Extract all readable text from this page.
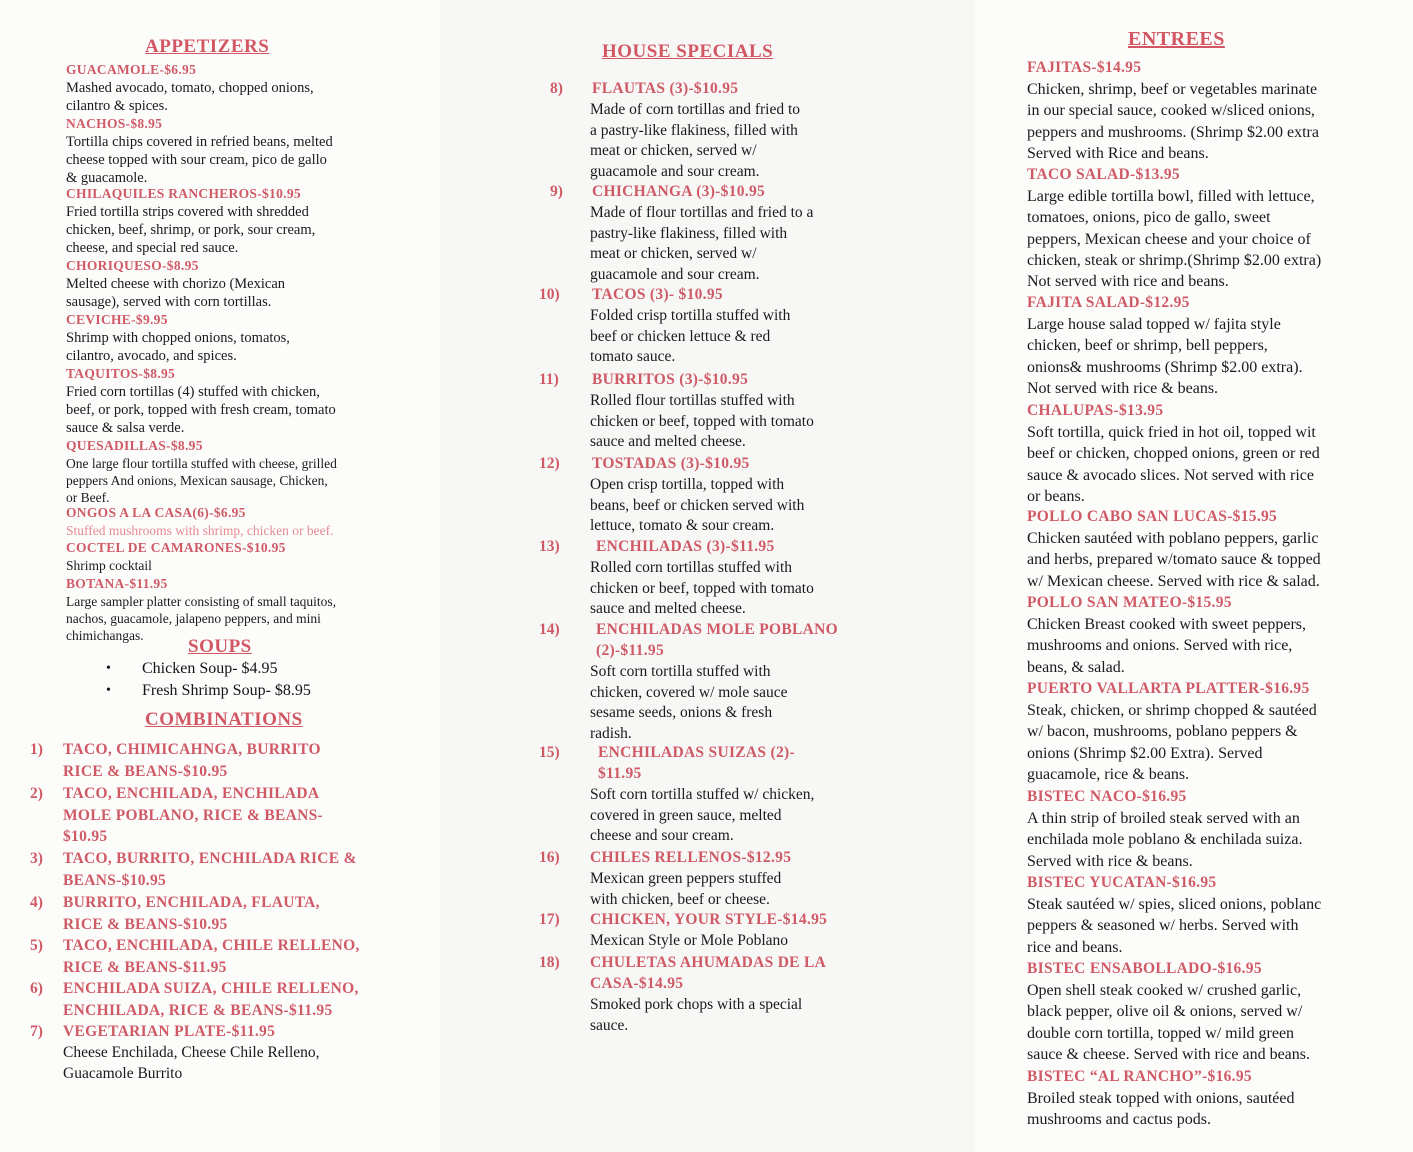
APPETIZERS
GUACAMOLE-$6.95
Mashed avocado, tomato, chopped onions,
cilantro & spices.
NACHOS-$8.95
Tortilla chips covered in refried beans, melted
cheese topped with sour cream, pico de gallo
& guacamole.
CHILAQUILES RANCHEROS-$10.95
Fried tortilla strips covered with shredded
chicken, beef, shrimp, or pork, sour cream,
cheese, and special red sauce.
CHORIQUESO-$8.95
Melted cheese with chorizo (Mexican
sausage), served with corn tortillas.
CEVICHE-$9.95
Shrimp with chopped onions, tomatos,
cilantro, avocado, and spices.
TAQUITOS-$8.95
Fried corn tortillas (4) stuffed with chicken,
beef, or pork, topped with fresh cream, tomato
sauce & salsa verde.
QUESADILLAS-$8.95
One large flour tortilla stuffed with cheese, grilled
peppers And onions, Mexican sausage, Chicken,
or Beef.
ONGOS A LA CASA(6)-$6.95
Stuffed mushrooms with shrimp, chicken or beef.
COCTEL DE CAMARONES-$10.95
Shrimp cocktail
BOTANA-$11.95
Large sampler platter consisting of small taquitos,
nachos, guacamole, jalapeno peppers, and mini
chimichangas.
SOUPS
• Chicken Soup- $4.95
• Fresh Shrimp Soup- $8.95
COMBINATIONS
1) TACO, CHIMICAHNGA, BURRITO
RICE & BEANS-$10.95
2) TACO, ENCHILADA, ENCHILADA
MOLE POBLANO, RICE & BEANS-
$10.95
3) TACO, BURRITO, ENCHILADA RICE &
BEANS-$10.95
4) BURRITO, ENCHILADA, FLAUTA,
RICE & BEANS-$10.95
5) TACO, ENCHILADA, CHILE RELLENO,
RICE & BEANS-$11.95
6) ENCHILADA SUIZA, CHILE RELLENO,
ENCHILADA, RICE & BEANS-$11.95
7) VEGETARIAN PLATE-$11.95
Cheese Enchilada, Cheese Chile Relleno,
Guacamole Burrito
HOUSE SPECIALS
8) FLAUTAS (3)-$10.95
Made of corn tortillas and fried to
a pastry-like flakiness, filled with
meat or chicken, served w/
guacamole and sour cream.
9) CHICHANGA (3)-$10.95
Made of flour tortillas and fried to a
pastry-like flakiness, filled with
meat or chicken, served w/
guacamole and sour cream.
10) TACOS (3)- $10.95
Folded crisp tortilla stuffed with
beef or chicken lettuce & red
tomato sauce.
11) BURRITOS (3)-$10.95
Rolled flour tortillas stuffed with
chicken or beef, topped with tomato
sauce and melted cheese.
12) TOSTADAS (3)-$10.95
Open crisp tortilla, topped with
beans, beef or chicken served with
lettuce, tomato & sour cream.
13) ENCHILADAS (3)-$11.95
Rolled corn tortillas stuffed with
chicken or beef, topped with tomato
sauce and melted cheese.
14) ENCHILADAS MOLE POBLANO
(2)-$11.95
Soft corn tortilla stuffed with
chicken, covered w/ mole sauce
sesame seeds, onions & fresh
radish.
15) ENCHILADAS SUIZAS (2)-
$11.95
Soft corn tortilla stuffed w/ chicken,
covered in green sauce, melted
cheese and sour cream.
16) CHILES RELLENOS-$12.95
Mexican green peppers stuffed
with chicken, beef or cheese.
17) CHICKEN, YOUR STYLE-$14.95
Mexican Style or Mole Poblano
18) CHULETAS AHUMADAS DE LA
CASA-$14.95
Smoked pork chops with a special
sauce.
ENTREES
FAJITAS-$14.95
Chicken, shrimp, beef or vegetables marinate
in our special sauce, cooked w/sliced onions,
peppers and mushrooms. (Shrimp $2.00 extra
Served with Rice and beans.
TACO SALAD-$13.95
Large edible tortilla bowl, filled with lettuce,
tomatoes, onions, pico de gallo, sweet
peppers, Mexican cheese and your choice of
chicken, steak or shrimp.(Shrimp $2.00 extra)
Not served with rice and beans.
FAJITA SALAD-$12.95
Large house salad topped w/ fajita style
chicken, beef or shrimp, bell peppers,
onions& mushrooms (Shrimp $2.00 extra).
Not served with rice & beans.
CHALUPAS-$13.95
Soft tortilla, quick fried in hot oil, topped wit
beef or chicken, chopped onions, green or red
sauce & avocado slices. Not served with rice
or beans.
POLLO CABO SAN LUCAS-$15.95
Chicken sautéed with poblano peppers, garlic
and herbs, prepared w/tomato sauce & topped
w/ Mexican cheese. Served with rice & salad.
POLLO SAN MATEO-$15.95
Chicken Breast cooked with sweet peppers,
mushrooms and onions. Served with rice,
beans, & salad.
PUERTO VALLARTA PLATTER-$16.95
Steak, chicken, or shrimp chopped & sautéed
w/ bacon, mushrooms, poblano peppers &
onions (Shrimp $2.00 Extra). Served
guacamole, rice & beans.
BISTEC NACO-$16.95
A thin strip of broiled steak served with an
enchilada mole poblano & enchilada suiza.
Served with rice & beans.
BISTEC YUCATAN-$16.95
Steak sautéed w/ spies, sliced onions, poblanc
peppers & seasoned w/ herbs. Served with
rice and beans.
BISTEC ENSABOLLADO-$16.95
Open shell steak cooked w/ crushed garlic,
black pepper, olive oil & onions, served w/
double corn tortilla, topped w/ mild green
sauce & cheese. Served with rice and beans.
BISTEC “AL RANCHO”-$16.95
Broiled steak topped with onions, sautéed
mushrooms and cactus pods.
